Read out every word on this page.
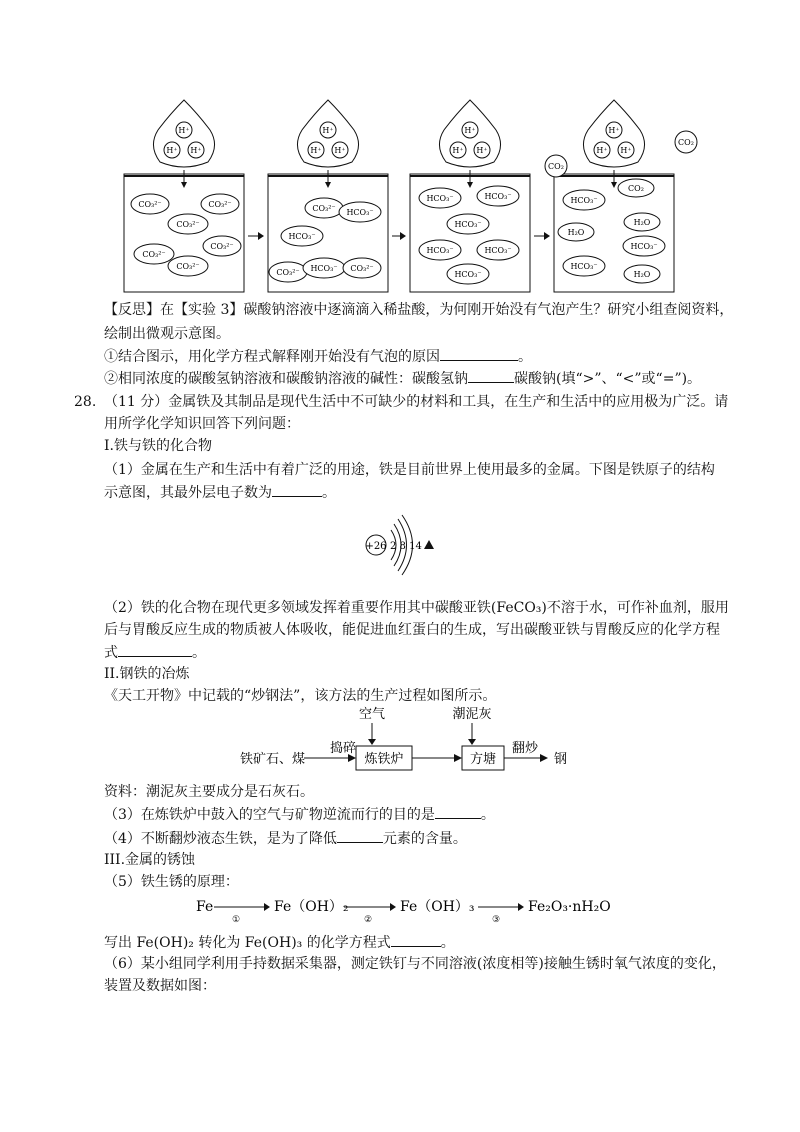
H⁺
H⁺ H⁺
CO₃²⁻
CO₃²⁻
CO₃²⁻
CO₃²⁻
CO₃²⁻
CO₃²⁻
H⁺
H⁺ H⁺
CO₃²⁻ HCO₃⁻
HCO₃⁻
CO₃²⁻ HCO₃⁻ CO₃²⁻
H⁺
H⁺ H⁺
HCO₃⁻	HCO₃⁻
HCO₃⁻
HCO₃⁻	HCO₃⁻
HCO₃⁻
H⁺
H⁺ H⁺
CO₂
HCO₃⁻
H₂O
H₂O
HCO₃⁻
HCO₃⁻
H₂O
CO₂
CO₂
【反思】在【实验 3】碳酸钠溶液中逐滴滴入稀盐酸，为何刚开始没有气泡产生？研究小组查阅资料，
绘制出微观示意图。
①结合图示，用化学方程式解释刚开始没有气泡的原因	。
②相同浓度的碳酸氢钠溶液和碳酸钠溶液的碱性：碳酸氢钠	碳酸钠(填“>”、“<”或“=”)。
28. （11 分）金属铁及其制品是现代生活中不可缺少的材料和工具，在生产和生活中的应用极为广泛。请
用所学化学知识回答下列问题：
I.铁与铁的化合物
（1）金属在生产和生活中有着广泛的用途，铁是目前世界上使用最多的金属。下图是铁原子的结构
示意图，其最外层电子数为	。
+26 2 8 14
（2）铁的化合物在现代更多领域发挥着重要作用其中碳酸亚铁(FeCO₃)不溶于水，可作补血剂，服用
后与胃酸反应生成的物质被人体吸收，能促进血红蛋白的生成，写出碳酸亚铁与胃酸反应的化学方程
式	。
II.钢铁的冶炼
《天工开物》中记载的“炒钢法”，该方法的生产过程如图所示。
空气	潮泥灰
铁矿石、煤
捣碎
炼铁炉	方塘
翻炒
钢
资料：潮泥灰主要成分是石灰石。
（3）在炼铁炉中鼓入的空气与矿物逆流而行的目的是	。
（4）不断翻炒液态生铁，是为了降低	元素的含量。
III.金属的锈蚀
（5）铁生锈的原理：
Fe
①
Fe（OH）₂
②
Fe（OH）₃
③
Fe₂O₃·nH₂O
写出 Fe(OH)₂ 转化为 Fe(OH)₃ 的化学方程式	。
（6）某小组同学利用手持数据采集器，测定铁钉与不同溶液(浓度相等)接触生锈时氧气浓度的变化，
装置及数据如图：
